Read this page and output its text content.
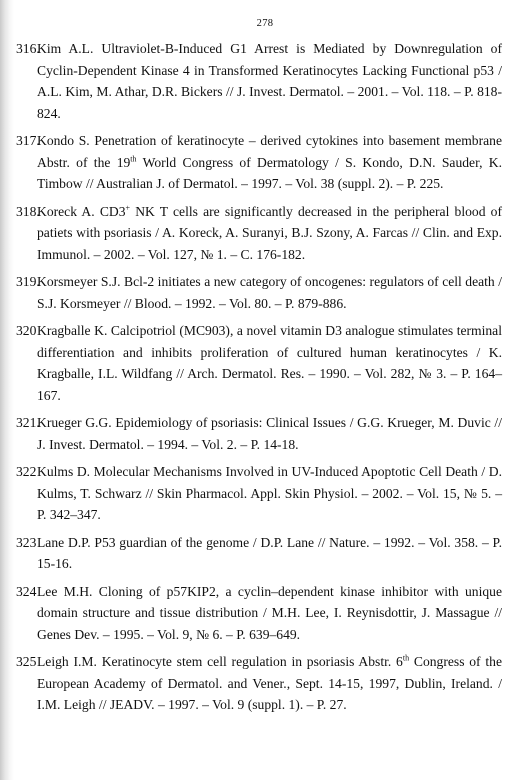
278
316.
Kim A.L. Ultraviolet-B-Induced G1 Arrest is Mediated by Downregulation of Cyclin-Dependent Kinase 4 in Transformed Keratinocytes Lacking Functional p53 / A.L. Kim, M. Athar, D.R. Bickers // J. Invest. Dermatol. – 2001. – Vol. 118. – P. 818-824.
317.
Kondo S. Penetration of keratinocyte – derived cytokines into basement membrane Abstr. of the 19th World Congress of Dermatology / S. Kondo, D.N. Sauder, K. Timbow // Australian J. of Dermatol. – 1997. – Vol. 38 (suppl. 2). – P. 225.
318.
Koreck A. CD3+ NK T cells are significantly decreased in the peripheral blood of patiets with psoriasis / A. Koreck, A. Suranyi, B.J. Szony, A. Farcas // Clin. and Exp. Immunol. – 2002. – Vol. 127, № 1. – C. 176-182.
319.
Korsmeyer S.J. Bcl-2 initiates a new category of oncogenes: regulators of cell death / S.J. Korsmeyer // Blood. – 1992. – Vol. 80. – P. 879-886.
320 Kragballe K. Calcipotriol (MC903), a novel vitamin D3 analogue stimulates terminal differentiation and inhibits proliferation of cultured human keratinocytes / K. Kragballe, I.L. Wildfang // Arch. Dermatol. Res. – 1990. – Vol. 282, № 3. – P. 164–167.
321.
Krueger G.G. Epidemiology of psoriasis: Clinical Issues / G.G. Krueger, M. Duvic // J. Invest. Dermatol. – 1994. – Vol. 2. – P. 14-18.
322 Kulms D. Molecular Mechanisms Involved in UV-Induced Apoptotic Cell Death / D. Kulms, T. Schwarz // Skin Pharmacol. Appl. Skin Physiol. – 2002. – Vol. 15, № 5. – P. 342–347.
323 Lane D.P. P53 guardian of the genome / D.P. Lane // Nature. – 1992. – Vol. 358. – P. 15-16.
324 Lee M.H. Cloning of p57KIP2, a cyclin–dependent kinase inhibitor with unique domain structure and tissue distribution / M.H. Lee, I. Reynisdottir, J. Massague // Genes Dev. – 1995. – Vol. 9, № 6. – P. 639–649.
325 Leigh I.M. Keratinocyte stem cell regulation in psoriasis Abstr. 6th Congress of the European Academy of Dermatol. and Vener., Sept. 14-15, 1997, Dublin, Ireland. / I.M. Leigh // JEADV. – 1997. – Vol. 9 (suppl. 1). – P. 27.
